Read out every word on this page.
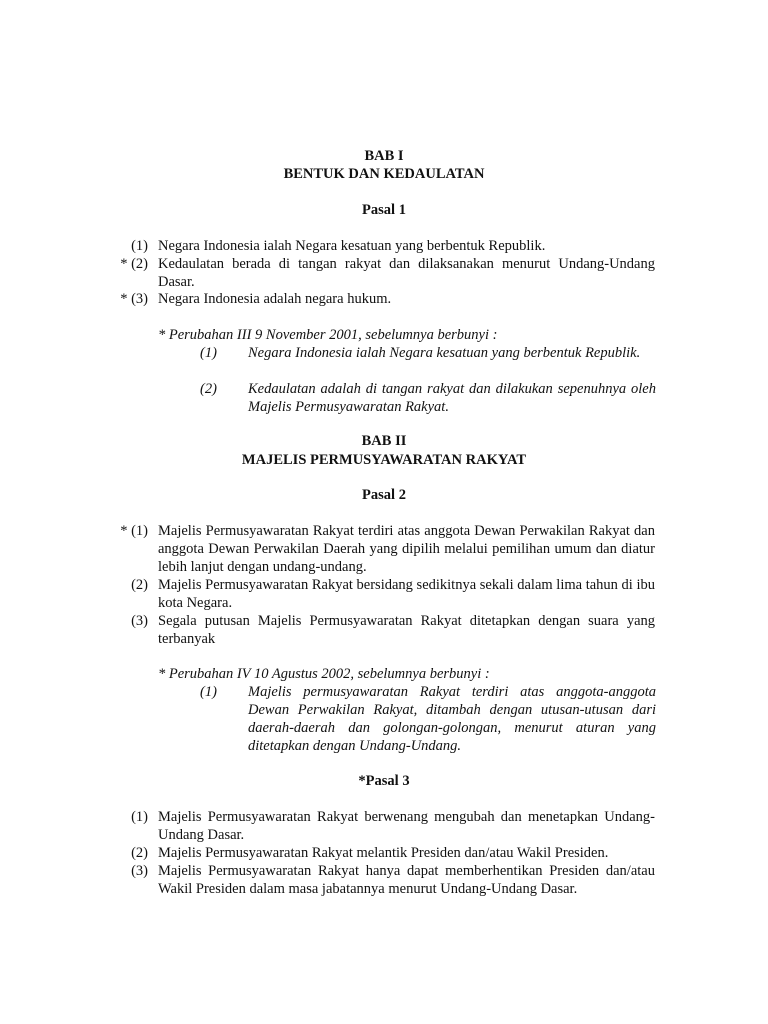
BAB I
BENTUK DAN KEDAULATAN
Pasal 1
(1) Negara Indonesia ialah Negara kesatuan yang berbentuk Republik.
* (2) Kedaulatan berada di tangan rakyat dan dilaksanakan menurut Undang-Undang Dasar.
* (3) Negara Indonesia adalah negara hukum.
* Perubahan III 9 November 2001, sebelumnya berbunyi :
(1)	Negara Indonesia ialah Negara kesatuan yang berbentuk Republik.
(2)	Kedaulatan adalah di tangan rakyat dan dilakukan sepenuhnya oleh Majelis Permusyawaratan Rakyat.
BAB II
MAJELIS PERMUSYAWARATAN RAKYAT
Pasal 2
* (1) Majelis Permusyawaratan Rakyat terdiri atas anggota Dewan Perwakilan Rakyat dan anggota Dewan Perwakilan Daerah yang dipilih melalui pemilihan umum dan diatur lebih lanjut dengan undang-undang.
(2) Majelis Permusyawaratan Rakyat bersidang sedikitnya sekali dalam lima tahun di ibu kota Negara.
(3) Segala putusan Majelis Permusyawaratan Rakyat ditetapkan dengan suara yang terbanyak
* Perubahan IV 10 Agustus 2002, sebelumnya berbunyi :
(1)	Majelis permusyawaratan Rakyat terdiri atas anggota-anggota Dewan Perwakilan Rakyat, ditambah dengan utusan-utusan dari daerah-daerah dan golongan-golongan, menurut aturan yang ditetapkan dengan Undang-Undang.
*Pasal 3
(1) Majelis Permusyawaratan Rakyat berwenang mengubah dan menetapkan Undang-Undang Dasar.
(2) Majelis Permusyawaratan Rakyat melantik Presiden dan/atau Wakil Presiden.
(3) Majelis Permusyawaratan Rakyat hanya dapat memberhentikan Presiden dan/atau Wakil Presiden dalam masa jabatannya menurut Undang-Undang Dasar.
